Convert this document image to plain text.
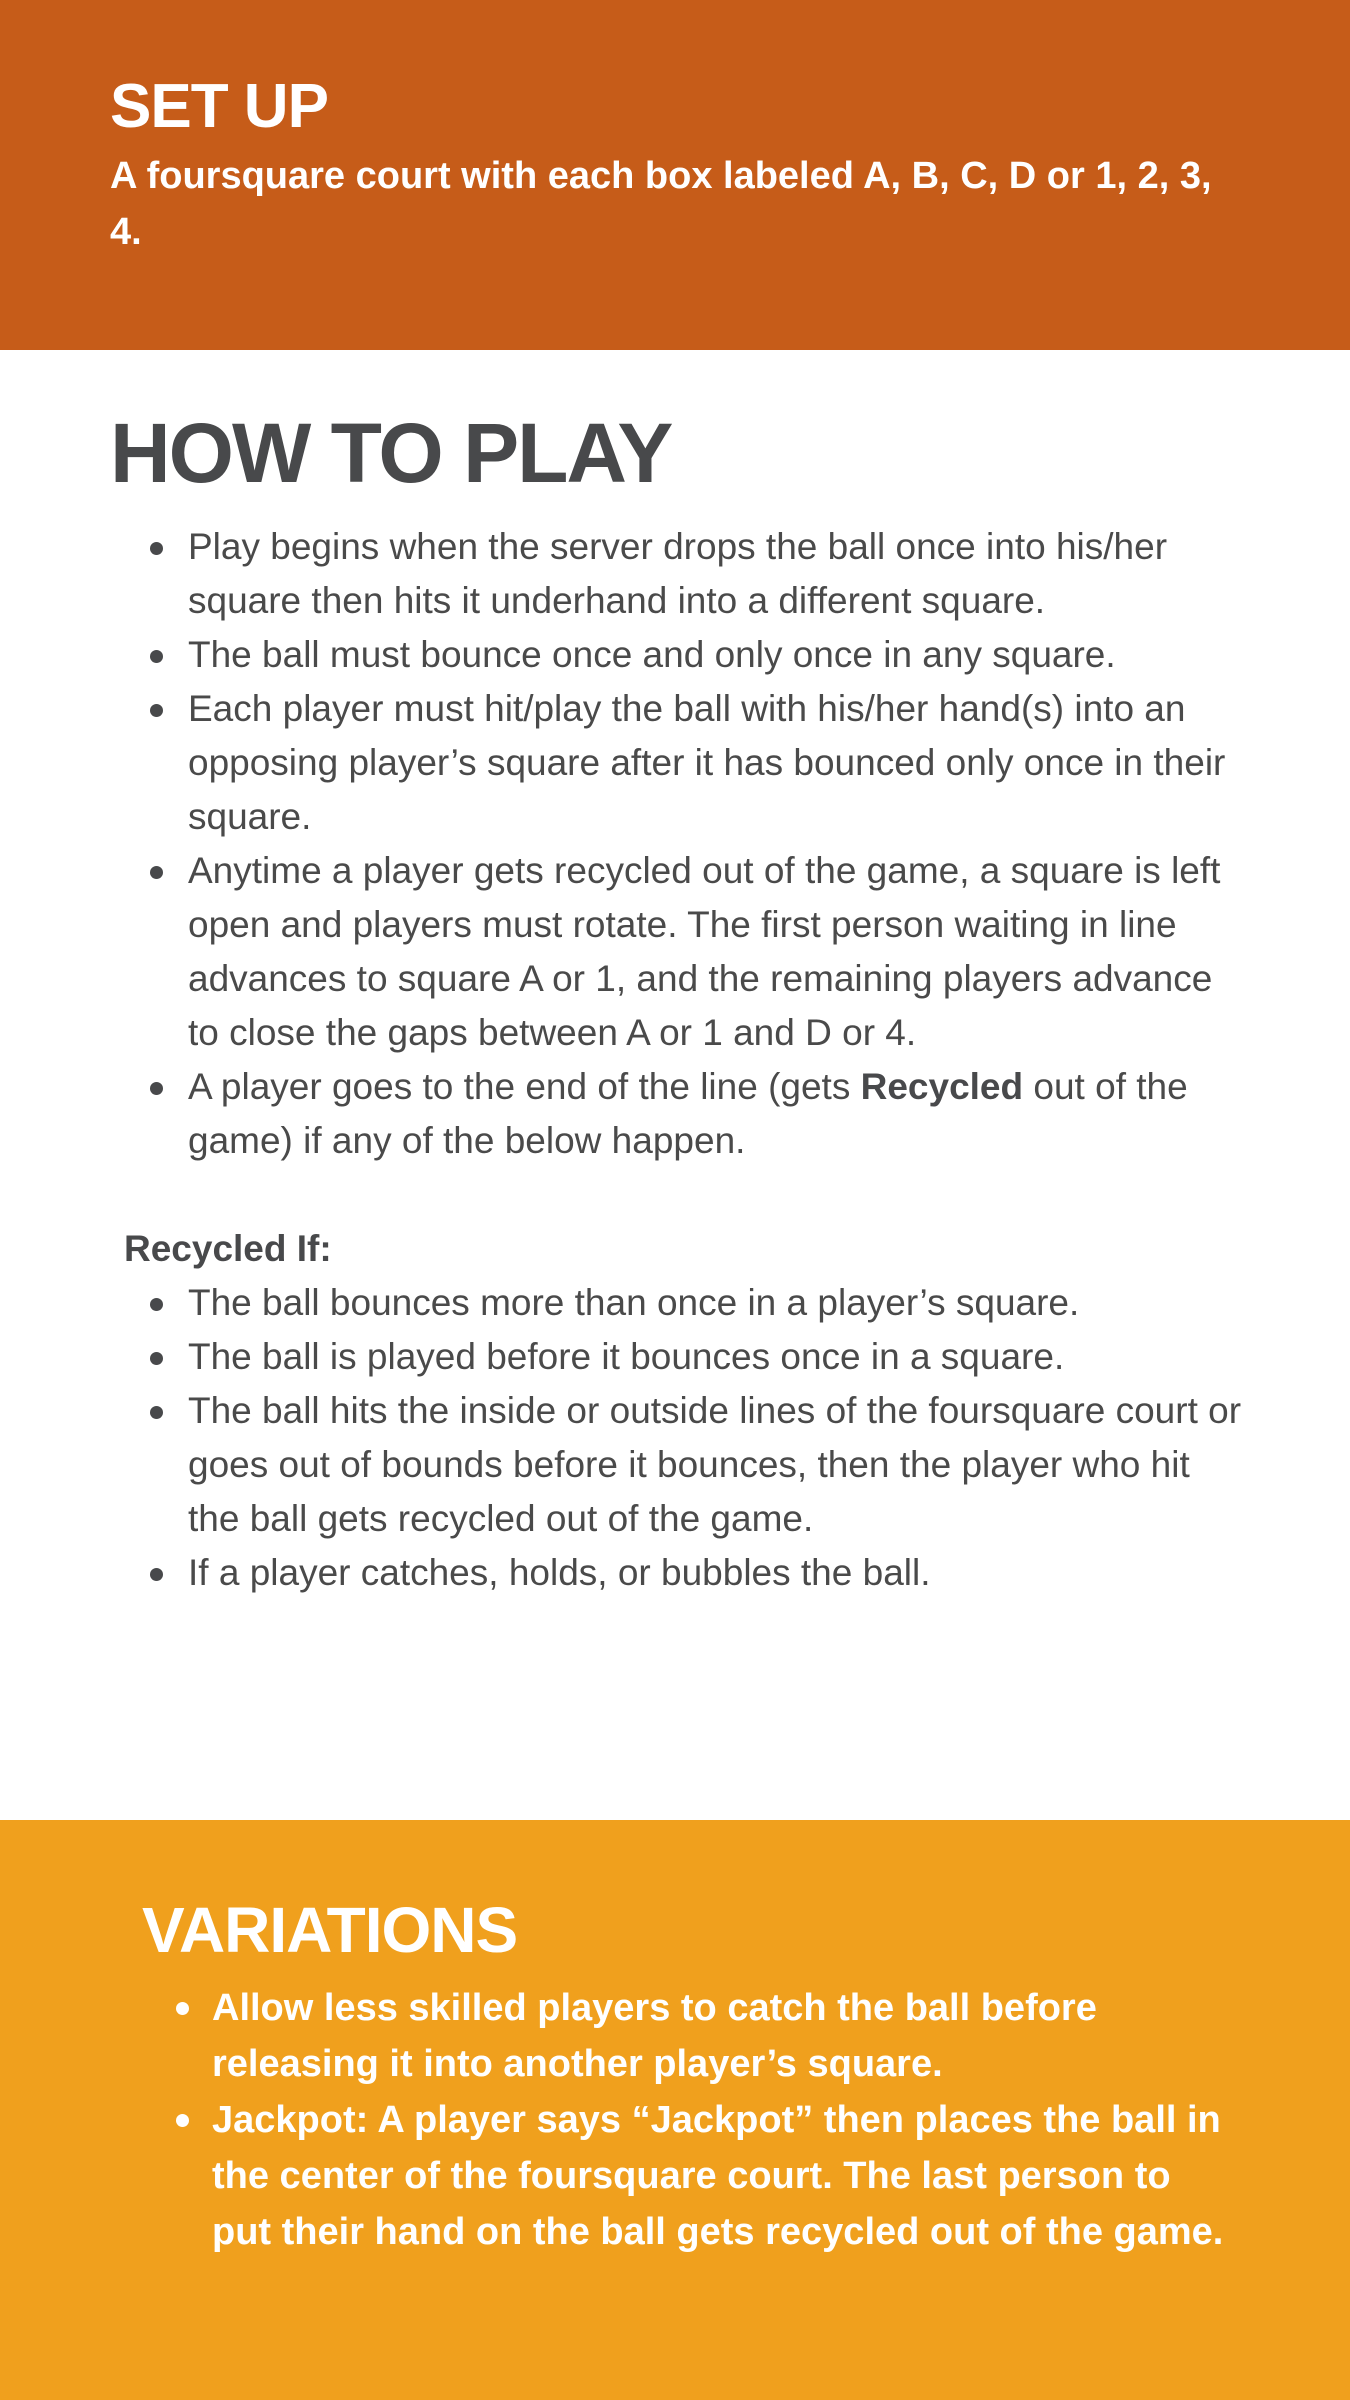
SET UP

A foursquare court with each box labeled A, B, C, D or 1, 2, 3, 4.

HOW TO PLAY
Play begins when the server drops the ball once into his/her square then hits it underhand into a different square.
The ball must bounce once and only once in any square.
Each player must hit/play the ball with his/her hand(s) into an opposing player’s square after it has bounced only once in their square.
Anytime a player gets recycled out of the game, a square is left open and players must rotate. The first person waiting in line advances to square A or 1, and the remaining players advance to close the gaps between A or 1 and D or 4.
A player goes to the end of the line (gets Recycled out of the game) if any of the below happen.
Recycled If:
The ball bounces more than once in a player’s square.
The ball is played before it bounces once in a square.
The ball hits the inside or outside lines of the foursquare court or goes out of bounds before it bounces, then the player who hit the ball gets recycled out of the game.
If a player catches, holds, or bubbles the ball.
VARIATIONS
Allow less skilled players to catch the ball before releasing it into another player’s square.
Jackpot: A player says “Jackpot” then places the ball in the center of the foursquare court. The last person to put their hand on the ball gets recycled out of the game.
